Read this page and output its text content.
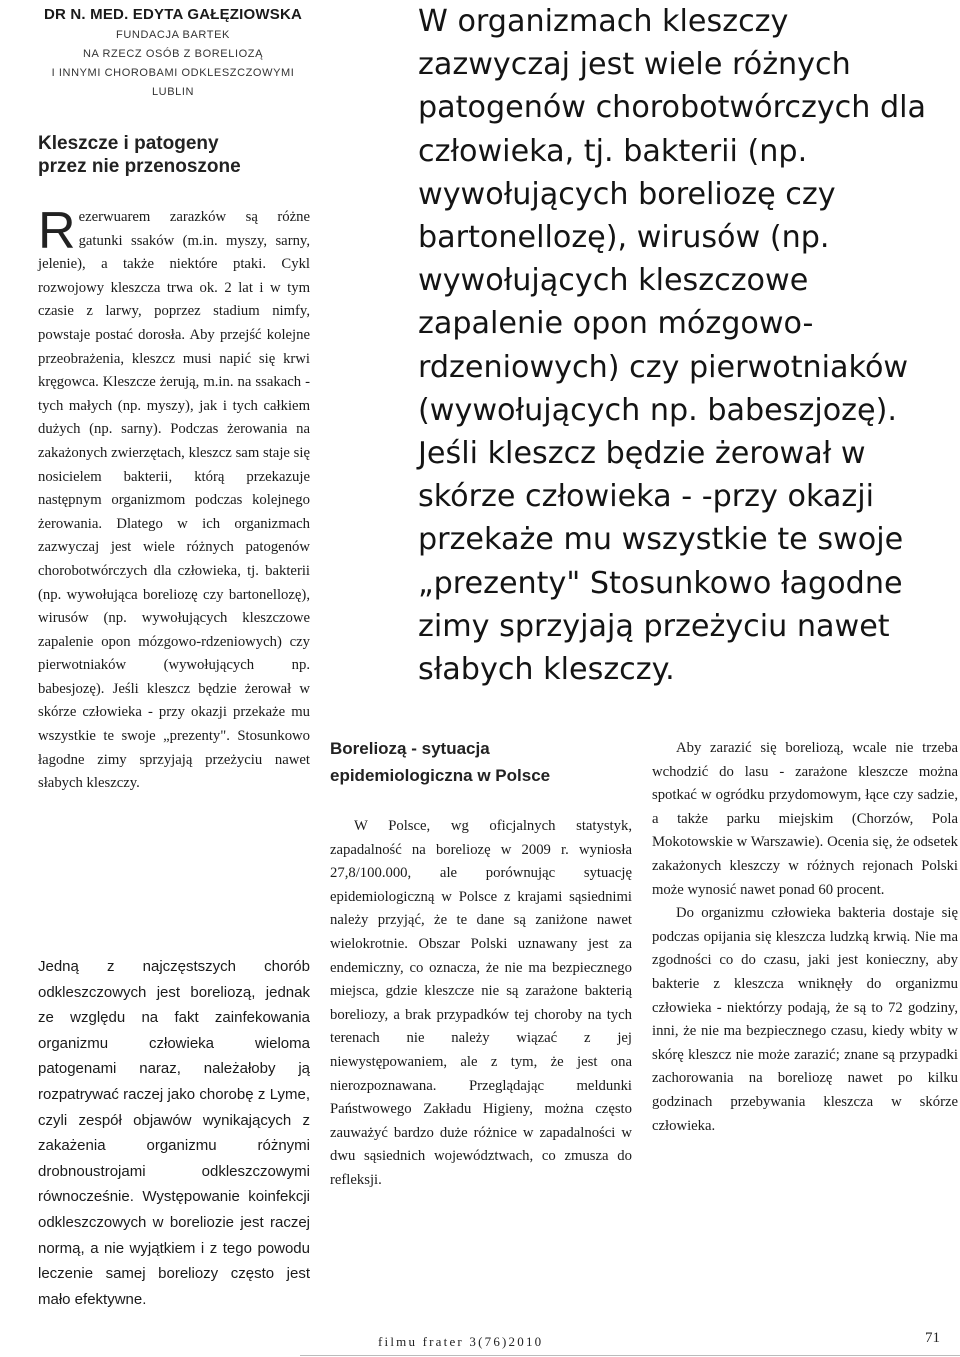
DR N. MED. EDYTA GAŁĘZIOWSKA
FUNDACJA BARTEK
NA RZECZ OSÓB Z BORELIOZĄ
I INNYMI CHOROBAMI ODKLESZCZOWYMI
LUBLIN
Kleszcze i patogeny
przez nie przenoszone
R ezerwuarem zarazków są różne gatunki ssaków (m.in. myszy, sarny, jelenie), a także niektóre ptaki. Cykl rozwojowy kleszcza trwa ok. 2 lat i w tym czasie z larwy, poprzez stadium nimfy, powstaje postać dorosła. Aby przejść kolejne przeobrażenia, kleszcz musi napić się krwi kręgowca. Kleszcze żerują, m.in. na ssakach - tych małych (np. myszy), jak i tych całkiem dużych (np. sarny). Podczas żerowania na zakażonych zwierzętach, kleszcz sam staje się nosicielem bakterii, którą przekazuje następnym organizmom podczas kolejnego żerowania. Dlatego w ich organizmach zazwyczaj jest wiele różnych patogenów chorobotwórczych dla człowieka, tj. bakterii (np. wywołująca boreliozę czy bartonellozę), wirusów (np. wywołujących kleszczowe zapalenie opon mózgowo-rdzeniowych) czy pierwotniaków (wywołujących np. babesjozę). Jeśli kleszcz będzie żerował w skórze człowieka - przy okazji przekaże mu wszystkie te swoje „prezenty". Stosunkowo łagodne zimy sprzyjają przeżyciu nawet słabych kleszczy.

Jedną z najczęstszych chorób odkleszczowych jest boreliozą, jednak ze względu na fakt zainfekowania organizmu człowieka wieloma patogenami naraz, należałoby ją rozpatrywać raczej jako chorobę z Lyme, czyli zespół objawów wynikających z zakażenia organizmu różnymi drobnoustrojami odkleszczowymi równocześnie. Występowanie koinfekcji odkleszczowych w boreliozie jest raczej normą, a nie wyjątkiem i z tego powodu leczenie samej boreliozy często jest mało efektywne.

W organizmach kleszczy zazwyczaj jest wiele różnych patogenów chorobotwórczych dla człowieka, tj. bakterii (np. wywołujących boreliozę czy bartonellozę), wirusów (np. wywołujących kleszczowe zapalenie opon mózgowo-rdzeniowych) czy pierwotniaków (wywołujących np. babeszjozę). Jeśli kleszcz będzie żerował w skórze człowieka - -przy okazji przekaże mu wszystkie te swoje „prezenty" Stosunkowo łagodne zimy sprzyjają przeżyciu nawet słabych kleszczy.
Boreliozą - sytuacja
epidemiologiczna w Polsce

W Polsce, wg oficjalnych statystyk, zapadalność na boreliozę w 2009 r. wyniosła 27,8/100.000, ale porównując sytuację epidemiologiczną w Polsce z krajami sąsiednimi należy przyjąć, że te dane są zaniżone nawet wielokrotnie. Obszar Polski uznawany jest za endemiczny, co oznacza, że nie ma bezpiecznego miejsca, gdzie kleszcze nie są zarażone bakterią boreliozy, a brak przypadków tej choroby na tych terenach nie należy wiązać z jej niewystępowaniem, ale z tym, że jest ona nierozpoznawana. Przeglądając meldunki Państwowego Zakładu Higieny, można często zauważyć bardzo duże różnice w zapadalności w dwu sąsiednich województwach, co zmusza do refleksji.

Aby zarazić się boreliozą, wcale nie trzeba wchodzić do lasu - zarażone kleszcze można spotkać w ogródku przydomowym, łące czy sadzie, a także parku miejskim (Chorzów, Pola Mokotowskie w Warszawie). Ocenia się, że odsetek zakażonych kleszczy w różnych rejonach Polski może wynosić nawet ponad 60 procent.

Do organizmu człowieka bakteria dostaje się podczas opijania się kleszcza ludzką krwią. Nie ma zgodności co do czasu, jaki jest konieczny, aby bakterie z kleszcza wniknęły do organizmu człowieka - niektórzy podają, że są to 72 godziny, inni, że nie ma bezpiecznego czasu, kiedy wbity w skórę kleszcz nie może zarazić; znane są przypadki zachorowania na boreliozę nawet po kilku godzinach przebywania kleszcza w skórze człowieka.

filmu frater 3(76)2010	71
